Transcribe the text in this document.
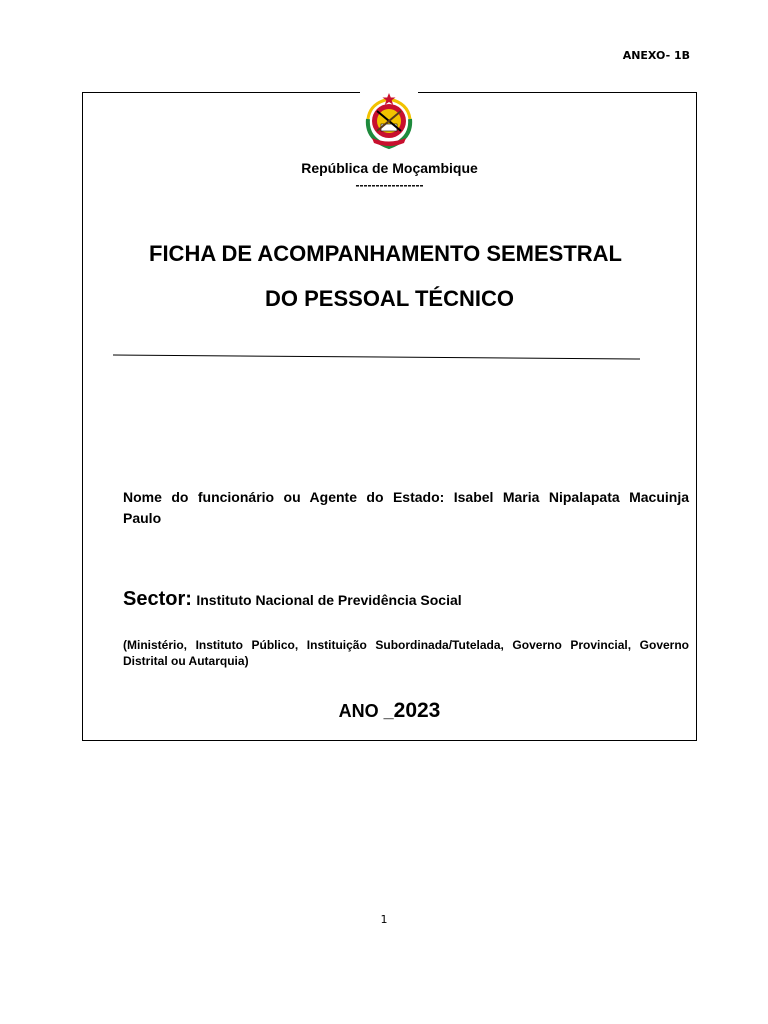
ANEXO- 1B
República de Moçambique
-----------------
FICHA DE ACOMPANHAMENTO SEMESTRAL
DO PESSOAL TÉCNICO
Nome do funcionário ou Agente do Estado: Isabel Maria Nipalapata Macuinja
Paulo
Sector: Instituto Nacional de Previdência Social
(Ministério, Instituto Público, Instituição Subordinada/Tutelada, Governo Provincial, Governo Distrital ou Autarquia)
ANO _2023
1
